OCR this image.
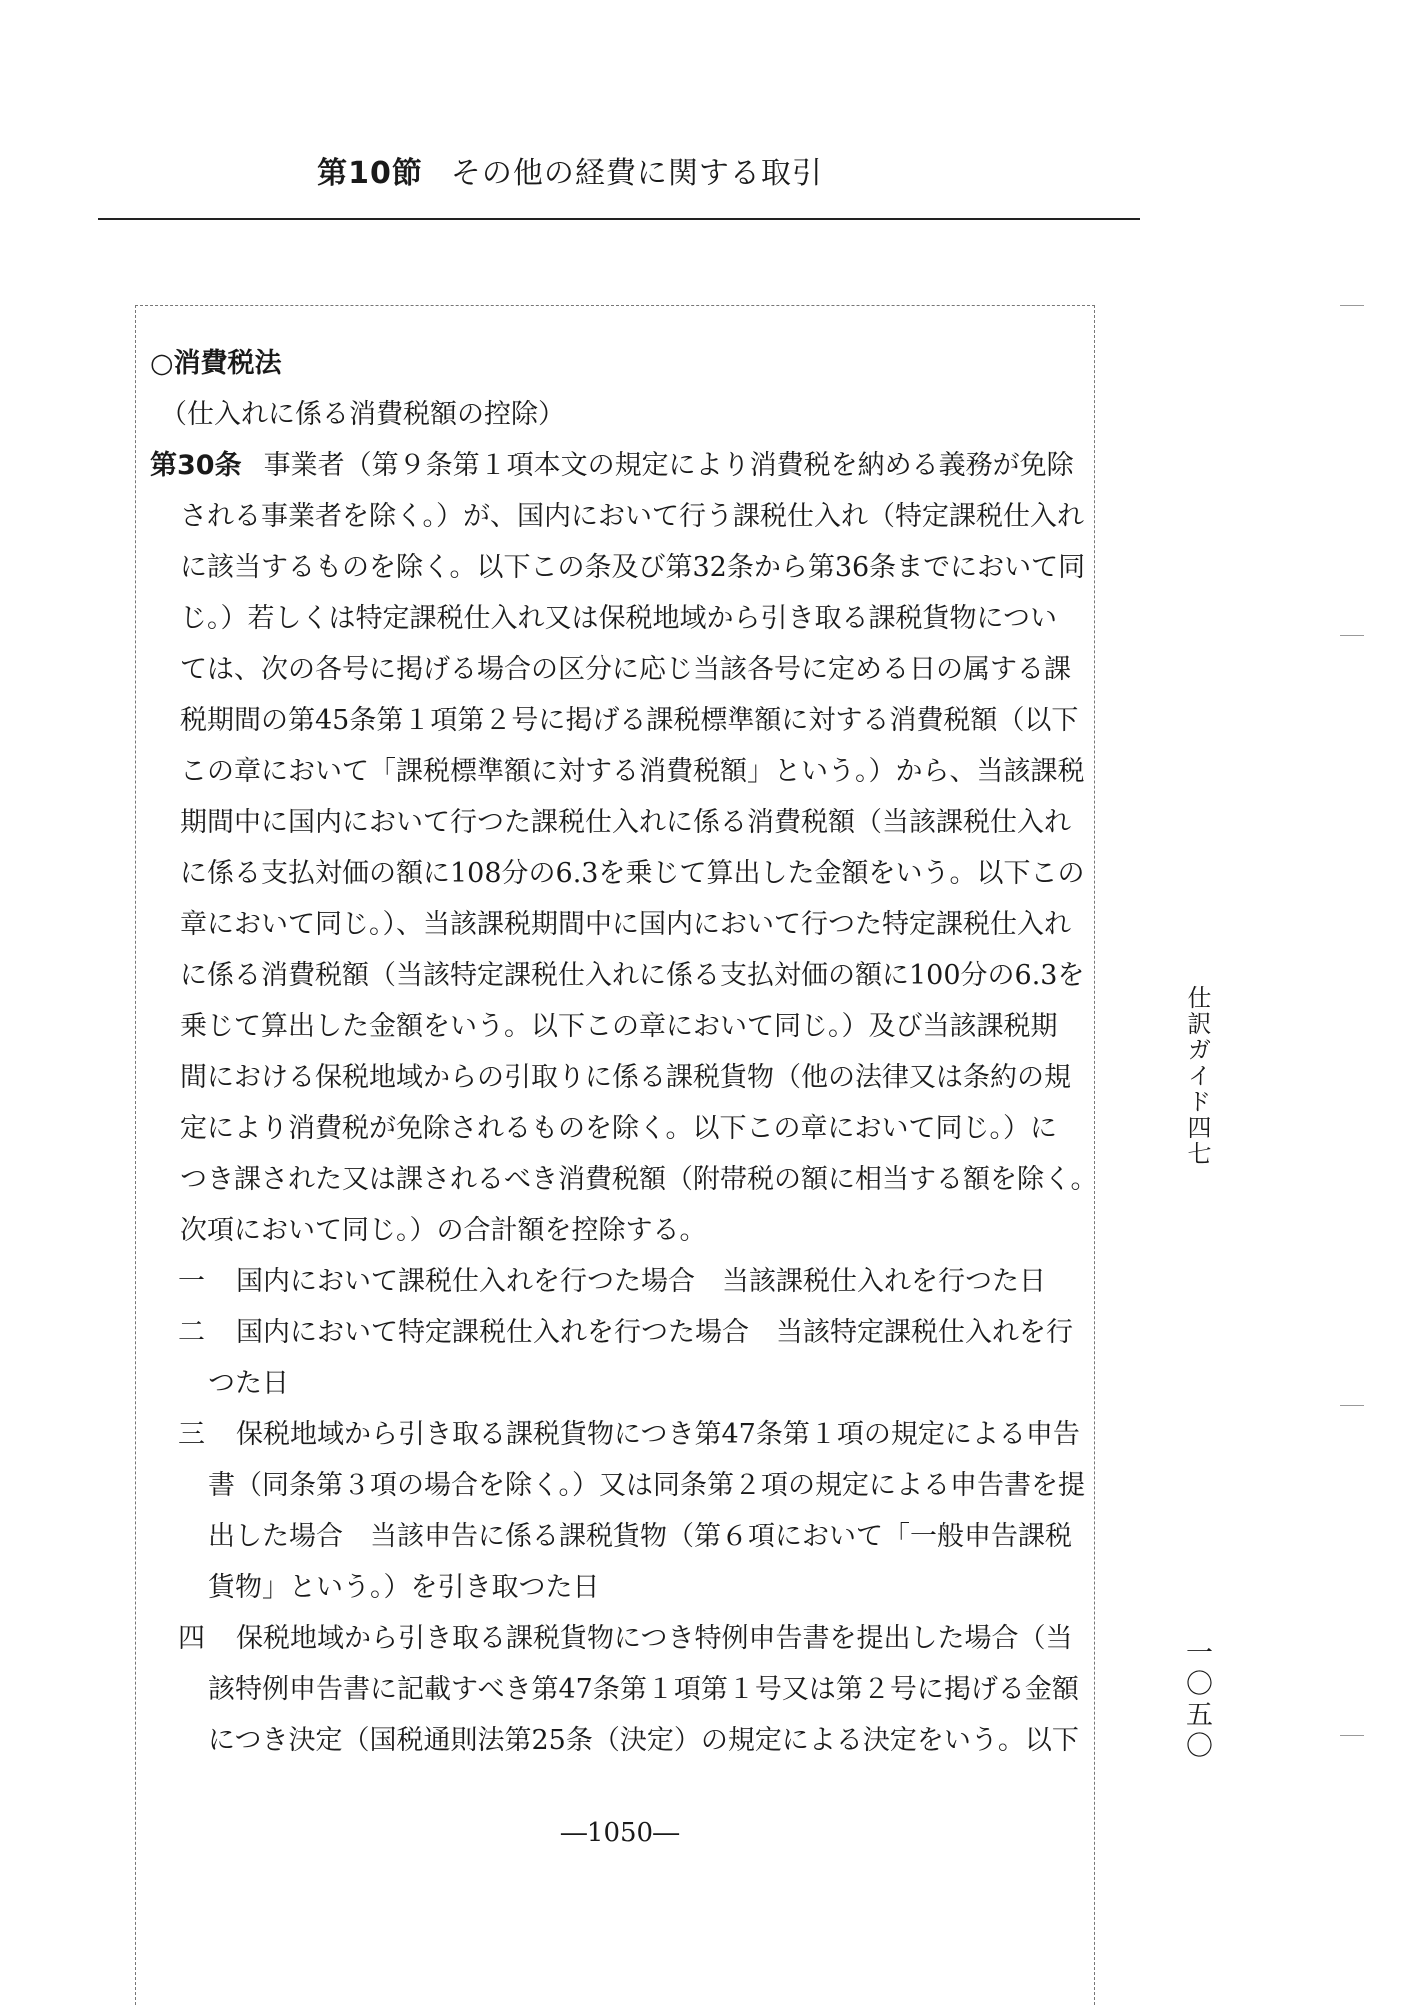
第10節 その他の経費に関する取引
○消費税法
（仕入れに係る消費税額の控除）
第30条 事業者（第９条第１項本文の規定により消費税を納める義務が免除
される事業者を除く。）が、国内において行う課税仕入れ（特定課税仕入れ
に該当するものを除く。以下この条及び第32条から第36条までにおいて同
じ。）若しくは特定課税仕入れ又は保税地域から引き取る課税貨物につい
ては、次の各号に掲げる場合の区分に応じ当該各号に定める日の属する課
税期間の第45条第１項第２号に掲げる課税標準額に対する消費税額（以下
この章において「課税標準額に対する消費税額」という。）から、当該課税
期間中に国内において行つた課税仕入れに係る消費税額（当該課税仕入れ
に係る支払対価の額に108分の6.3を乗じて算出した金額をいう。以下この
章において同じ。）、当該課税期間中に国内において行つた特定課税仕入れ
に係る消費税額（当該特定課税仕入れに係る支払対価の額に100分の6.3を
乗じて算出した金額をいう。以下この章において同じ。）及び当該課税期
間における保税地域からの引取りに係る課税貨物（他の法律又は条約の規
定により消費税が免除されるものを除く。以下この章において同じ。）に
つき課された又は課されるべき消費税額（附帯税の額に相当する額を除く。
次項において同じ。）の合計額を控除する。
一 国内において課税仕入れを行つた場合　当該課税仕入れを行つた日
二 国内において特定課税仕入れを行つた場合　当該特定課税仕入れを行
つた日
三 保税地域から引き取る課税貨物につき第47条第１項の規定による申告
書（同条第３項の場合を除く。）又は同条第２項の規定による申告書を提
出した場合　当該申告に係る課税貨物（第６項において「一般申告課税
貨物」という。）を引き取つた日
四 保税地域から引き取る課税貨物につき特例申告書を提出した場合（当
該特例申告書に記載すべき第47条第１項第１号又は第２号に掲げる金額
につき決定（国税通則法第25条（決定）の規定による決定をいう。以下
―1050―
仕訳ガイド四七
一〇五〇
